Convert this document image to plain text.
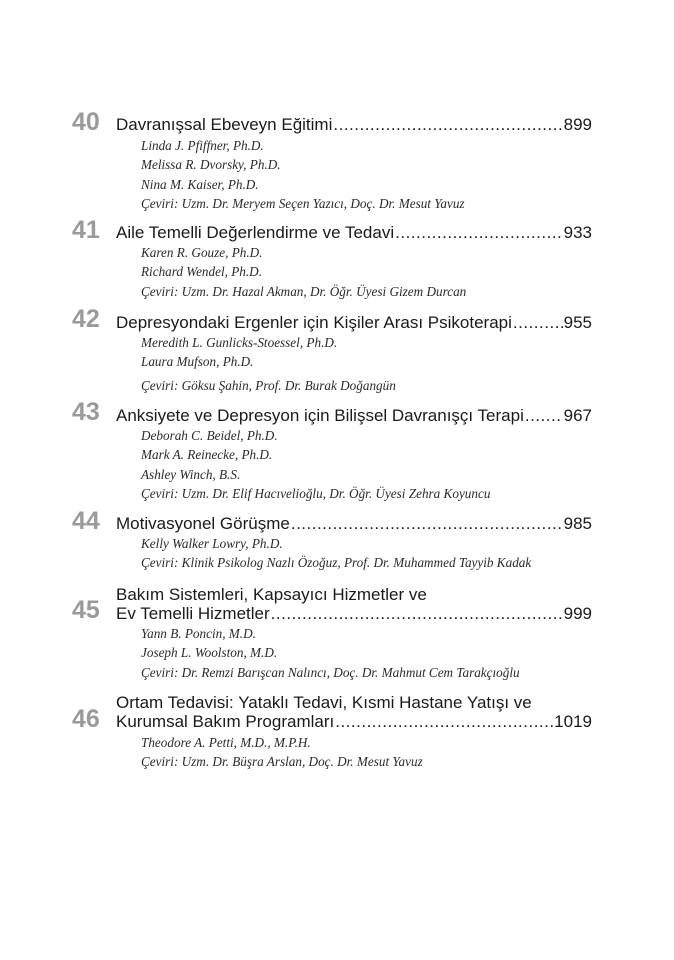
40 Davranışsal Ebeveyn Eğitimi .....	899
Linda J. Pfiffner, Ph.D.
Melissa R. Dvorsky, Ph.D.
Nina M. Kaiser, Ph.D.
Çeviri: Uzm. Dr. Meryem Seçen Yazıcı, Doç. Dr. Mesut Yavuz
41 Aile Temelli Değerlendirme ve Tedavi .....	933
Karen R. Gouze, Ph.D.
Richard Wendel, Ph.D.
Çeviri: Uzm. Dr. Hazal Akman, Dr. Öğr. Üyesi Gizem Durcan
42 Depresyondaki Ergenler için Kişiler Arası Psikoterapi .....	955
Meredith L. Gunlicks-Stoessel, Ph.D.
Laura Mufson, Ph.D.
Çeviri: Göksu Şahin, Prof. Dr. Burak Doğangün
43 Anksiyete ve Depresyon için Bilişsel Davranışçı Terapi ..... 967
Deborah C. Beidel, Ph.D.
Mark A. Reinecke, Ph.D.
Ashley Winch, B.S.
Çeviri: Uzm. Dr. Elif Hacıvelioğlu, Dr. Öğr. Üyesi Zehra Koyuncu
44 Motivasyonel Görüşme .....	985
Kelly Walker Lowry, Ph.D.
Çeviri: Klinik Psikolog Nazlı Özoğuz, Prof. Dr. Muhammed Tayyib Kadak
45
Bakım Sistemleri, Kapsayıcı Hizmetler ve
Ev Temelli Hizmetler .....	999
Yann B. Poncin, M.D.
Joseph L. Woolston, M.D.
Çeviri: Dr. Remzi Barışcan Nalıncı, Doç. Dr. Mahmut Cem Tarakçıoğlu
46
Ortam Tedavisi: Yataklı Tedavi, Kısmi Hastane Yatışı ve
Kurumsal Bakım Programları .....	1019
Theodore A. Petti, M.D., M.P.H.
Çeviri: Uzm. Dr. Büşra Arslan, Doç. Dr. Mesut Yavuz
